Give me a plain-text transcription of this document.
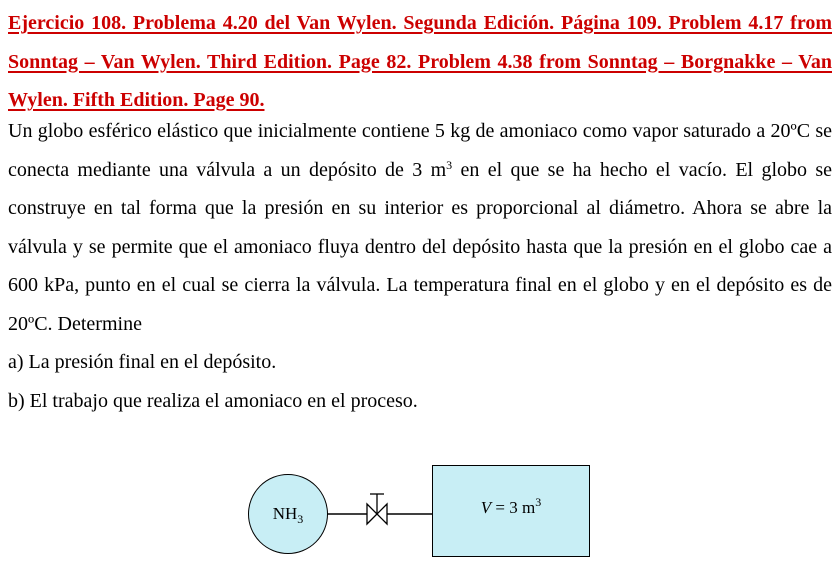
Ejercicio 108. Problema 4.20 del Van Wylen. Segunda Edición. Página 109. Problem 4.17 from Sonntag – Van Wylen. Third Edition. Page 82. Problem 4.38 from Sonntag – Borgnakke – Van Wylen. Fifth Edition. Page 90.

Un globo esférico elástico que inicialmente contiene 5 kg de amoniaco como vapor saturado a 20ºC se conecta mediante una válvula a un depósito de 3 $m^3$ en el que se ha hecho el vacío. El globo se construye en tal forma que la presión en su interior es proporcional al diámetro. Ahora se abre la válvula y se permite que el amoniaco fluya dentro del depósito hasta que la presión en el globo cae a 600 kPa, punto en el cual se cierra la válvula. La temperatura final en el globo y en el depósito es de 20ºC. Determine

a) La presión final en el depósito.

b) El trabajo que realiza el amoniaco en el proceso.

$NH_3$
V = 3 $m^3$
